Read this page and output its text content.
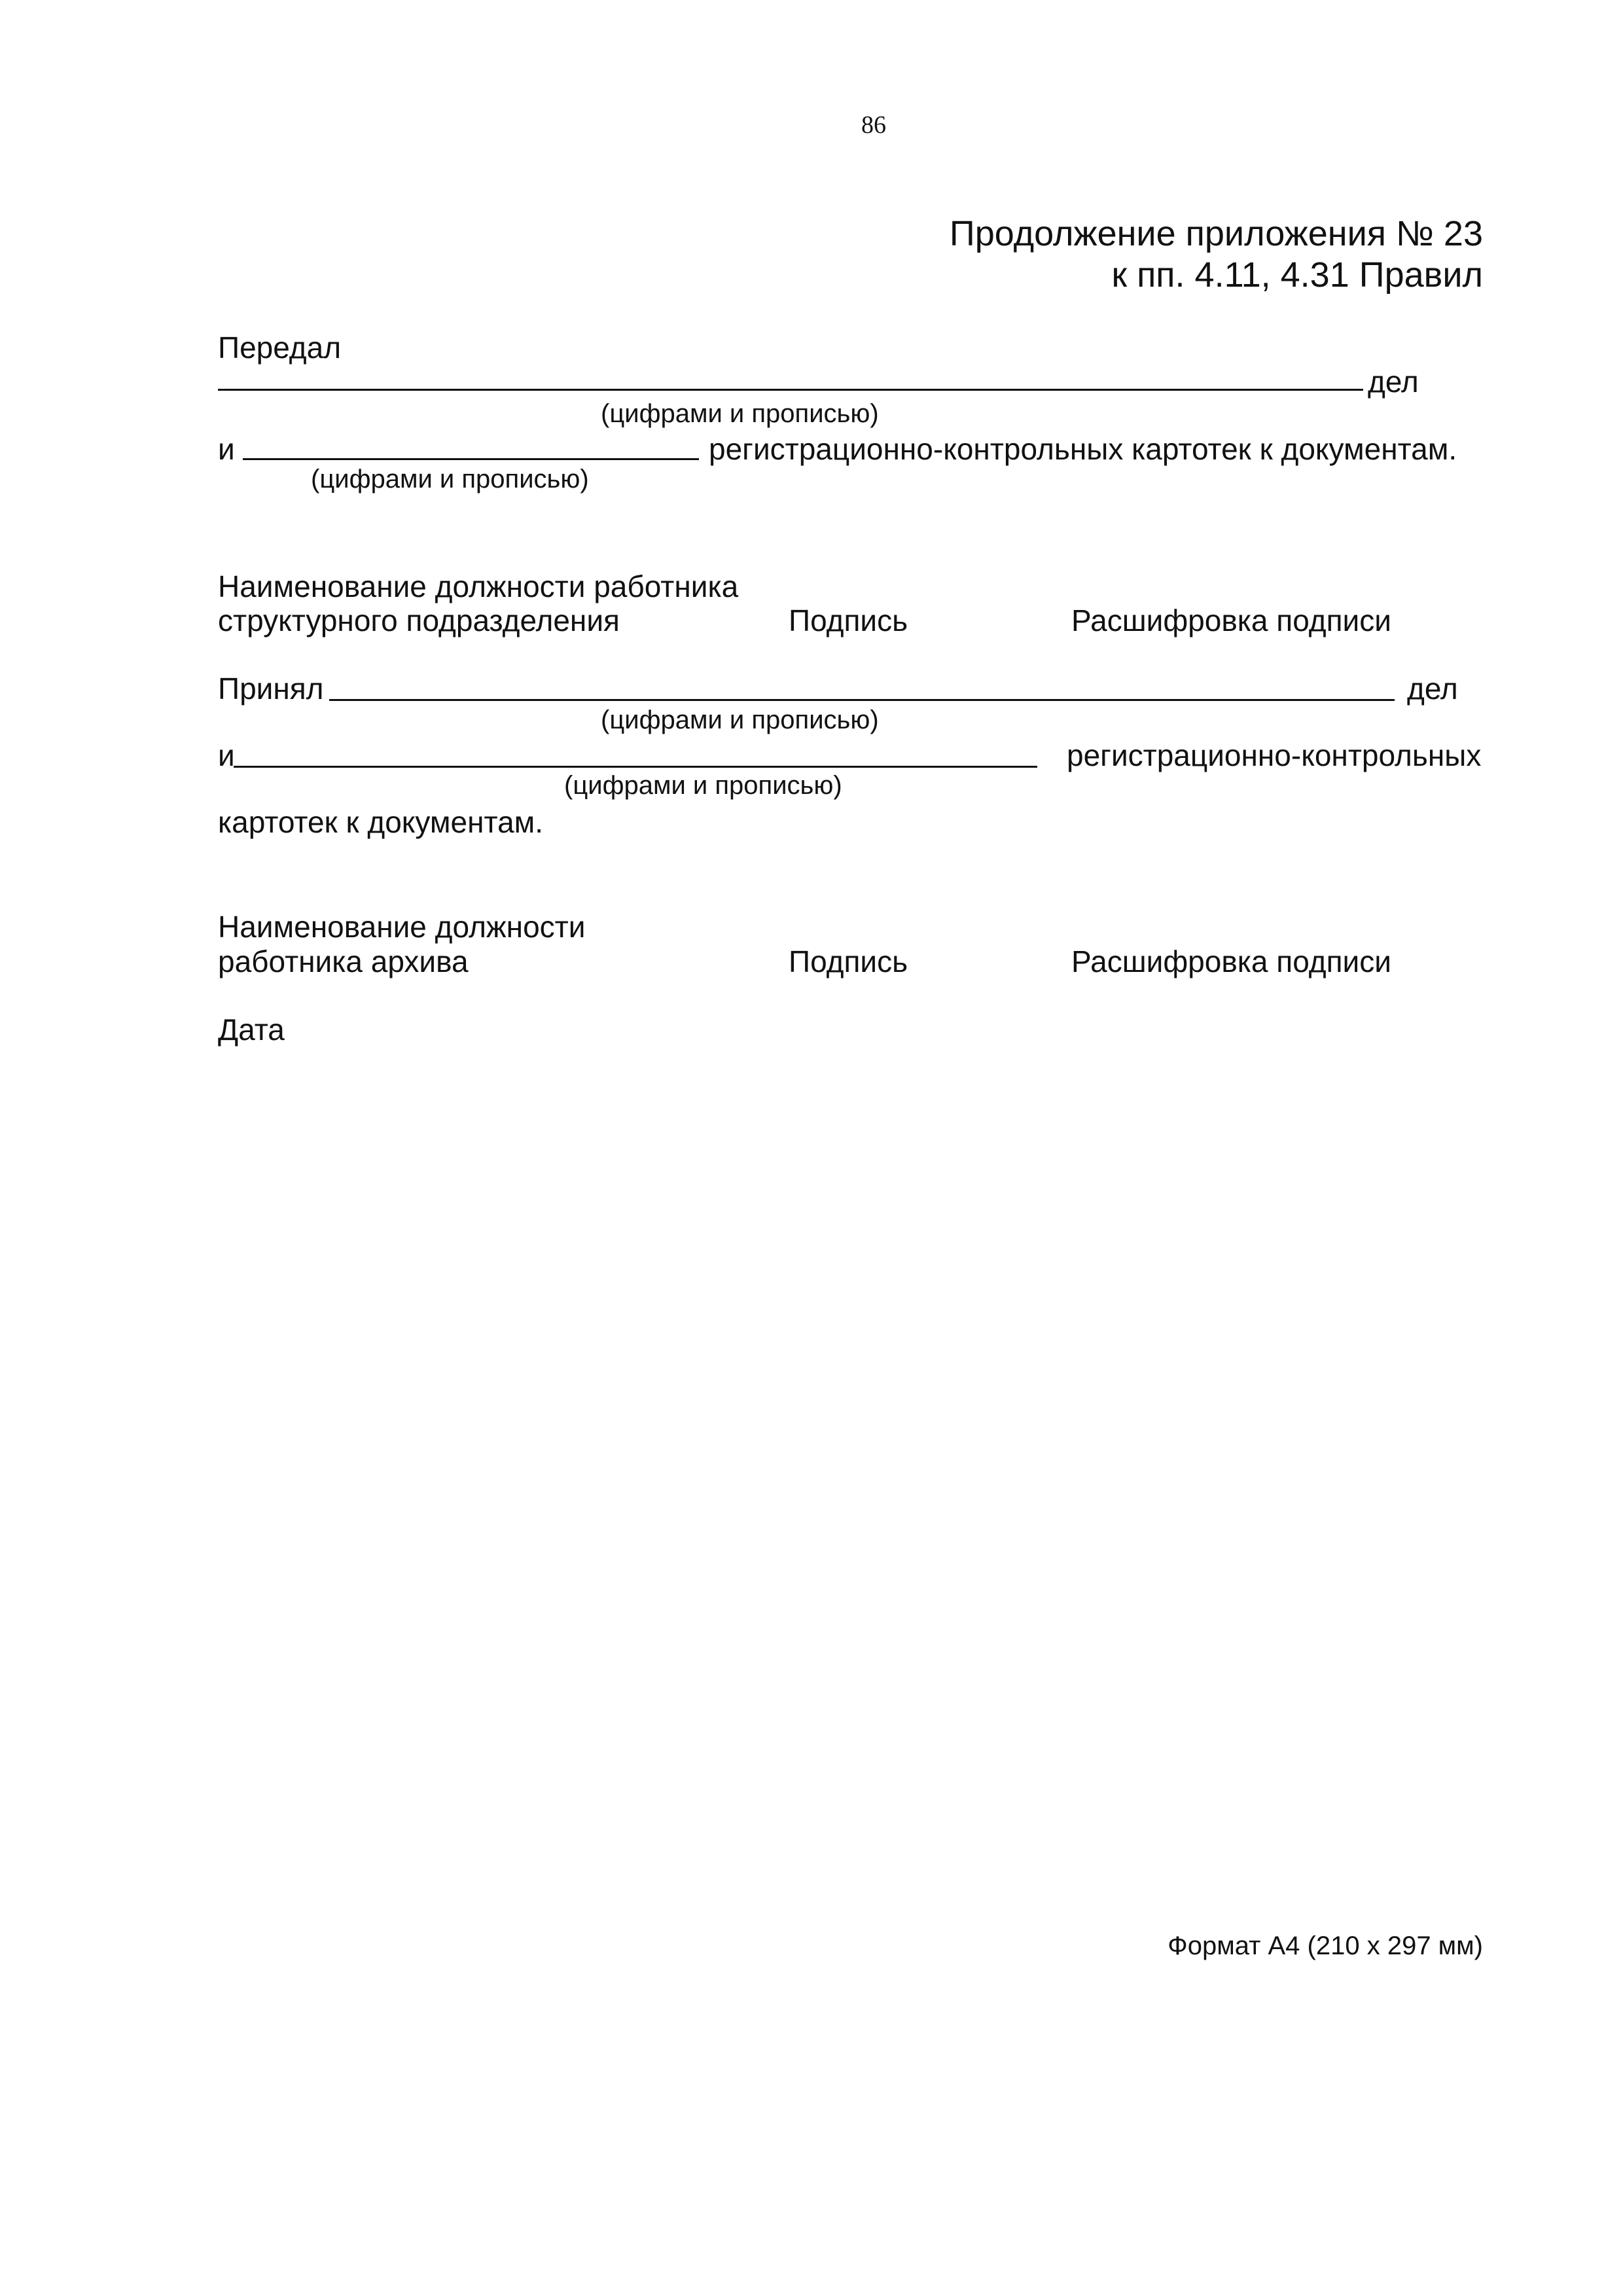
86
Продолжение приложения № 23
к пп. 4.11, 4.31 Правил
Передал
дел
(цифрами и прописью)
и	регистрационно-контрольных картотек к документам.
(цифрами и прописью)
Наименование должности работника
структурного подразделения	Подпись	Расшифровка подписи
Принял	дел
(цифрами и прописью)
и	регистрационно-контрольных
(цифрами и прописью)
картотек к документам.
Наименование должности
работника архива	Подпись	Расшифровка подписи
Дата
Формат А4 (210 x 297 мм)
